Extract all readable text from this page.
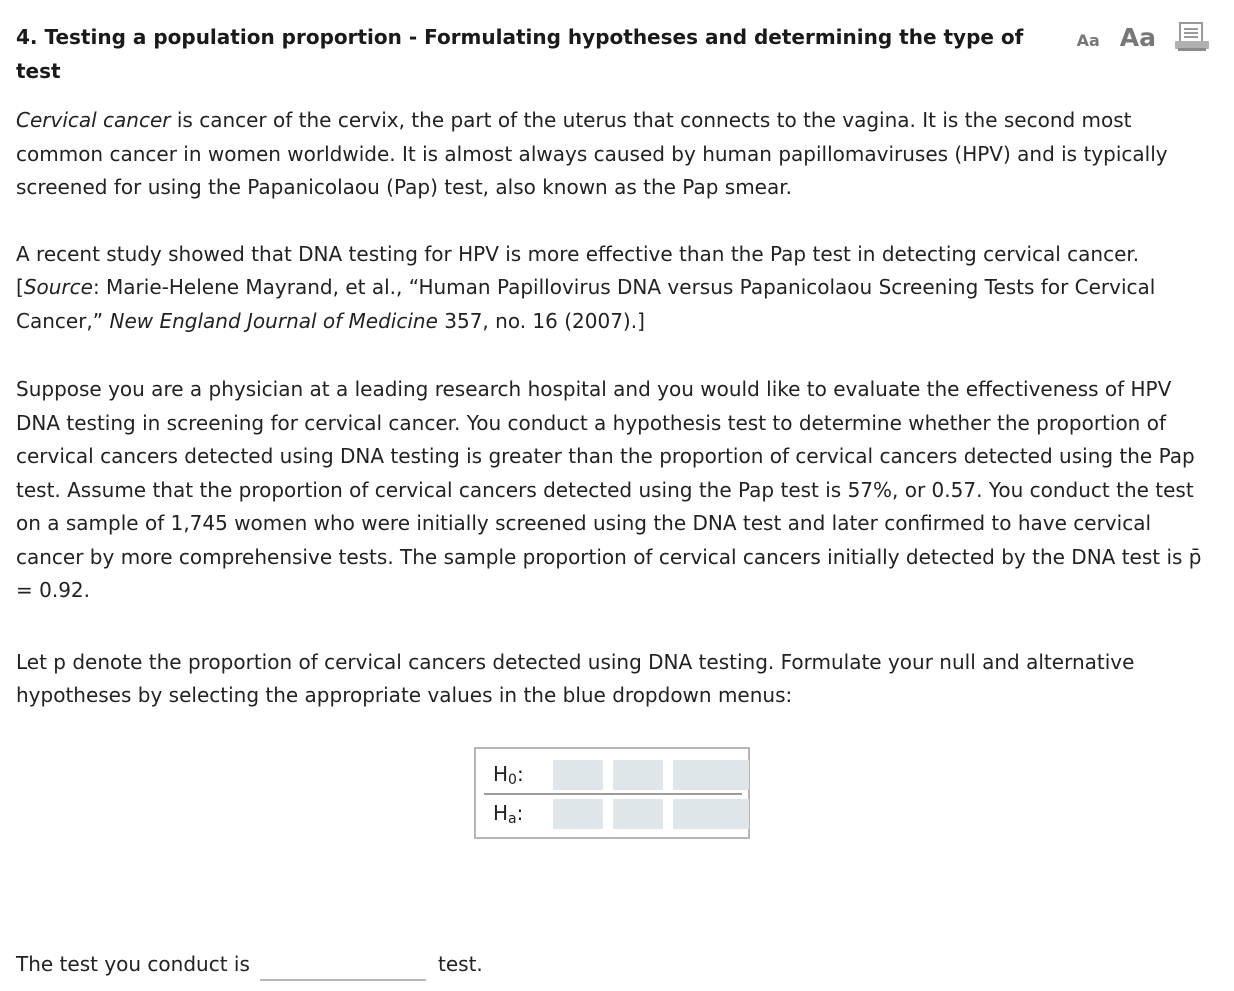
4. Testing a population proportion - Formulating hypotheses and determining the type of test
Aa Aa

Cervical cancer is cancer of the cervix, the part of the uterus that connects to the vagina. It is the second most common cancer in women worldwide. It is almost always caused by human papillomaviruses (HPV) and is typically screened for using the Papanicolaou (Pap) test, also known as the Pap smear.

A recent study showed that DNA testing for HPV is more effective than the Pap test in detecting cervical cancer. [Source: Marie-Helene Mayrand, et al., “Human Papillovirus DNA versus Papanicolaou Screening Tests for Cervical Cancer,” New England Journal of Medicine 357, no. 16 (2007).]

Suppose you are a physician at a leading research hospital and you would like to evaluate the effectiveness of HPV DNA testing in screening for cervical cancer. You conduct a hypothesis test to determine whether the proportion of cervical cancers detected using DNA testing is greater than the proportion of cervical cancers detected using the Pap test. Assume that the proportion of cervical cancers detected using the Pap test is 57%, or 0.57. You conduct the test on a sample of 1,745 women who were initially screened using the DNA test and later confirmed to have cervical cancer by more comprehensive tests. The sample proportion of cervical cancers initially detected by the DNA test is p̄ = 0.92.

Let p denote the proportion of cervical cancers detected using DNA testing. Formulate your null and alternative hypotheses by selecting the appropriate values in the blue dropdown menus:

$H_0$:
$H_a$:
The test you conduct is	test.
